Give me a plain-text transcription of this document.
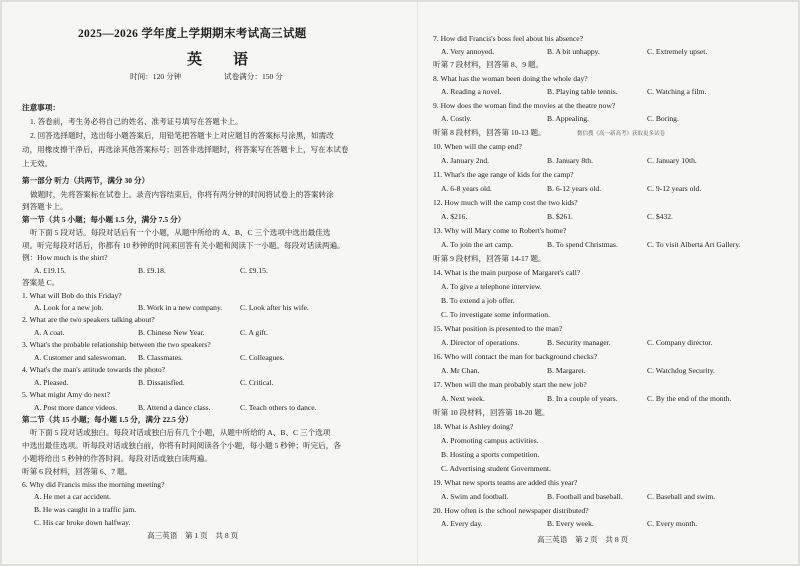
2025—2026 学年度上学期期末考试高三试题
英　语
时间：120 分钟	试卷满分：150 分
注意事项：
1. 答卷前，考生务必将自己的姓名、准考证号填写在答题卡上。
2. 回答选择题时，选出每小题答案后，用铅笔把答题卡上对应题目的答案标号涂黑，如需改
动，用橡皮擦干净后，再选涂其他答案标号；回答非选择题时，将答案写在答题卡上，写在本试卷
上无效。
第一部分 听力（共两节，满分 30 分）
做题时，先将答案标在试卷上。录音内容结束后，你将有两分钟的时间将试卷上的答案转涂
到答题卡上。
第一节（共 5 小题；每小题 1.5 分，满分 7.5 分）
听下面 5 段对话。每段对话后有一个小题，从题中所给的 A、B、C 三个选项中选出最佳选
项。听完每段对话后，你都有 10 秒钟的时间来回答有关小题和阅读下一小题。每段对话读两遍。
例：How much is the shirt?
A. £19.15.	B. £9.18.	C. £9.15.
答案是 C。
1. What will Bob do this Friday?
A. Look for a new job.	B. Work in a new company. C. Look after his wife.
2. What are the two speakers talking about?
A. A coat.	B. Chinese New Year.	C. A gift.
3. What's the probable relationship between the two speakers?
A. Customer and saleswoman. B. Classmates.	C. Colleagues.
4. What's the man's attitude towards the photo?
A. Pleased.	B. Dissatisfied.	C. Critical.
5. What might Amy do next?
A. Post more dance videos.	B. Attend a dance class.	C. Teach others to dance.
第二节（共 15 小题；每小题 1.5 分，满分 22.5 分）
听下面 5 段对话或独白。每段对话或独白后有几个小题，从题中所给的 A、B、C 三个选项
中选出最佳选项。听每段对话或独白前，你将有时间阅读各个小题，每小题 5 秒钟；听完后，各
小题将给出 5 秒钟的作答时间。每段对话或独白读两遍。
听第 6 段材料，回答第 6、7 题。
6. Why did Francis miss the morning meeting?
A. He met a car accident.
B. He was caught in a traffic jam.
C. His car broke down halfway.
高三英语　第 1 页　共 8 页
7. How did Francis's boss feel about his absence?
A. Very annoyed.	B. A bit unhappy.	C. Extremely upset.
听第 7 段材料，回答第 8、9 题。
8. What has the woman been doing the whole day?
A. Reading a novel.	B. Playing table tennis.	C. Watching a film.
9. How does the woman find the movies at the theatre now?
A. Costly.	B. Appealing.	C. Boring.
听第 8 段材料，回答第 10-13 题。	微信搜《高一新高考》获取更多试卷
10. When will the camp end?
A. January 2nd.	B. January 8th.	C. January 10th.
11. What's the age range of kids for the camp?
A. 6-8 years old.	B. 6-12 years old.	C. 9-12 years old.
12. How much will the camp cost the two kids?
A. $216.	B. $261.	C. $432.
13. Why will Mary come to Robert's home?
A. To join the art camp.	B. To spend Christmas.	C. To visit Alberta Art Gallery.
听第 9 段材料，回答第 14-17 题。
14. What is the main purpose of Margaret's call?
A. To give a telephone interview.
B. To extend a job offer.
C. To investigate some information.
15. What position is presented to the man?
A. Director of operations.	B. Security manager.	C. Company director.
16. Who will contact the man for background checks?
A. Mr Chan.	B. Margaret.	C. Watchdog Security.
17. When will the man probably start the new job?
A. Next week.	B. In a couple of years.	C. By the end of the month.
听第 10 段材料，回答第 18-20 题。
18. What is Ashley doing?
A. Promoting campus activities.
B. Hosting a sports competition.
C. Advertising student Government.
19. What new sports teams are added this year?
A. Swim and football.	B. Football and baseball.	C. Baseball and swim.
20. How often is the school newspaper distributed?
A. Every day.	B. Every week.	C. Every month.
高三英语　第 2 页　共 8 页
